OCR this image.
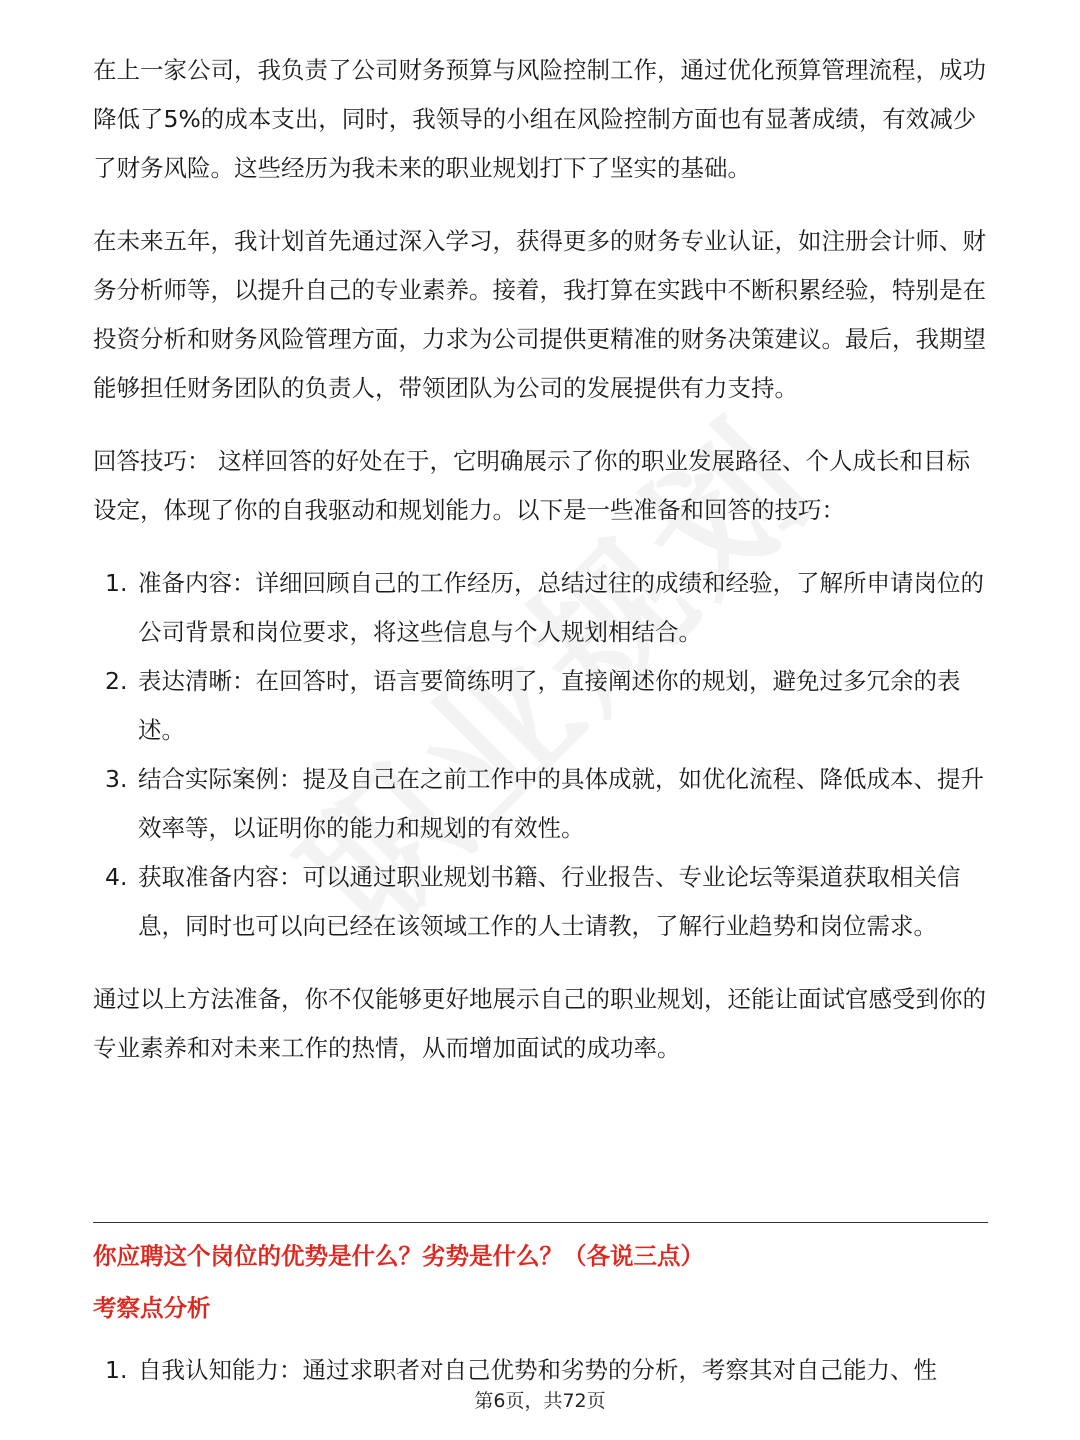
在上一家公司，我负责了公司财务预算与风险控制工作，通过优化预算管理流程，成功降低了5%的成本支出，同时，我领导的小组在风险控制方面也有显著成绩，有效减少了财务风险。这些经历为我未来的职业规划打下了坚实的基础。

在未来五年，我计划首先通过深入学习，获得更多的财务专业认证，如注册会计师、财务分析师等，以提升自己的专业素养。接着，我打算在实践中不断积累经验，特别是在投资分析和财务风险管理方面，力求为公司提供更精准的财务决策建议。最后，我期望能够担任财务团队的负责人，带领团队为公司的发展提供有力支持。

回答技巧： 这样回答的好处在于，它明确展示了你的职业发展路径、个人成长和目标设定，体现了你的自我驱动和规划能力。以下是一些准备和回答的技巧：

1. 准备内容：详细回顾自己的工作经历，总结过往的成绩和经验，了解所申请岗位的公司背景和岗位要求，将这些信息与个人规划相结合。
2. 表达清晰：在回答时，语言要简练明了，直接阐述你的规划，避免过多冗余的表述。
3. 结合实际案例：提及自己在之前工作中的具体成就，如优化流程、降低成本、提升效率等，以证明你的能力和规划的有效性。
4. 获取准备内容：可以通过职业规划书籍、行业报告、专业论坛等渠道获取相关信息，同时也可以向已经在该领域工作的人士请教，了解行业趋势和岗位需求。

通过以上方法准备，你不仅能够更好地展示自己的职业规划，还能让面试官感受到你的专业素养和对未来工作的热情，从而增加面试的成功率。

你应聘这个岗位的优势是什么？劣势是什么？（各说三点）
考察点分析
1. 自我认知能力：通过求职者对自己优势和劣势的分析，考察其对自己能力、性
第6页，共72页
